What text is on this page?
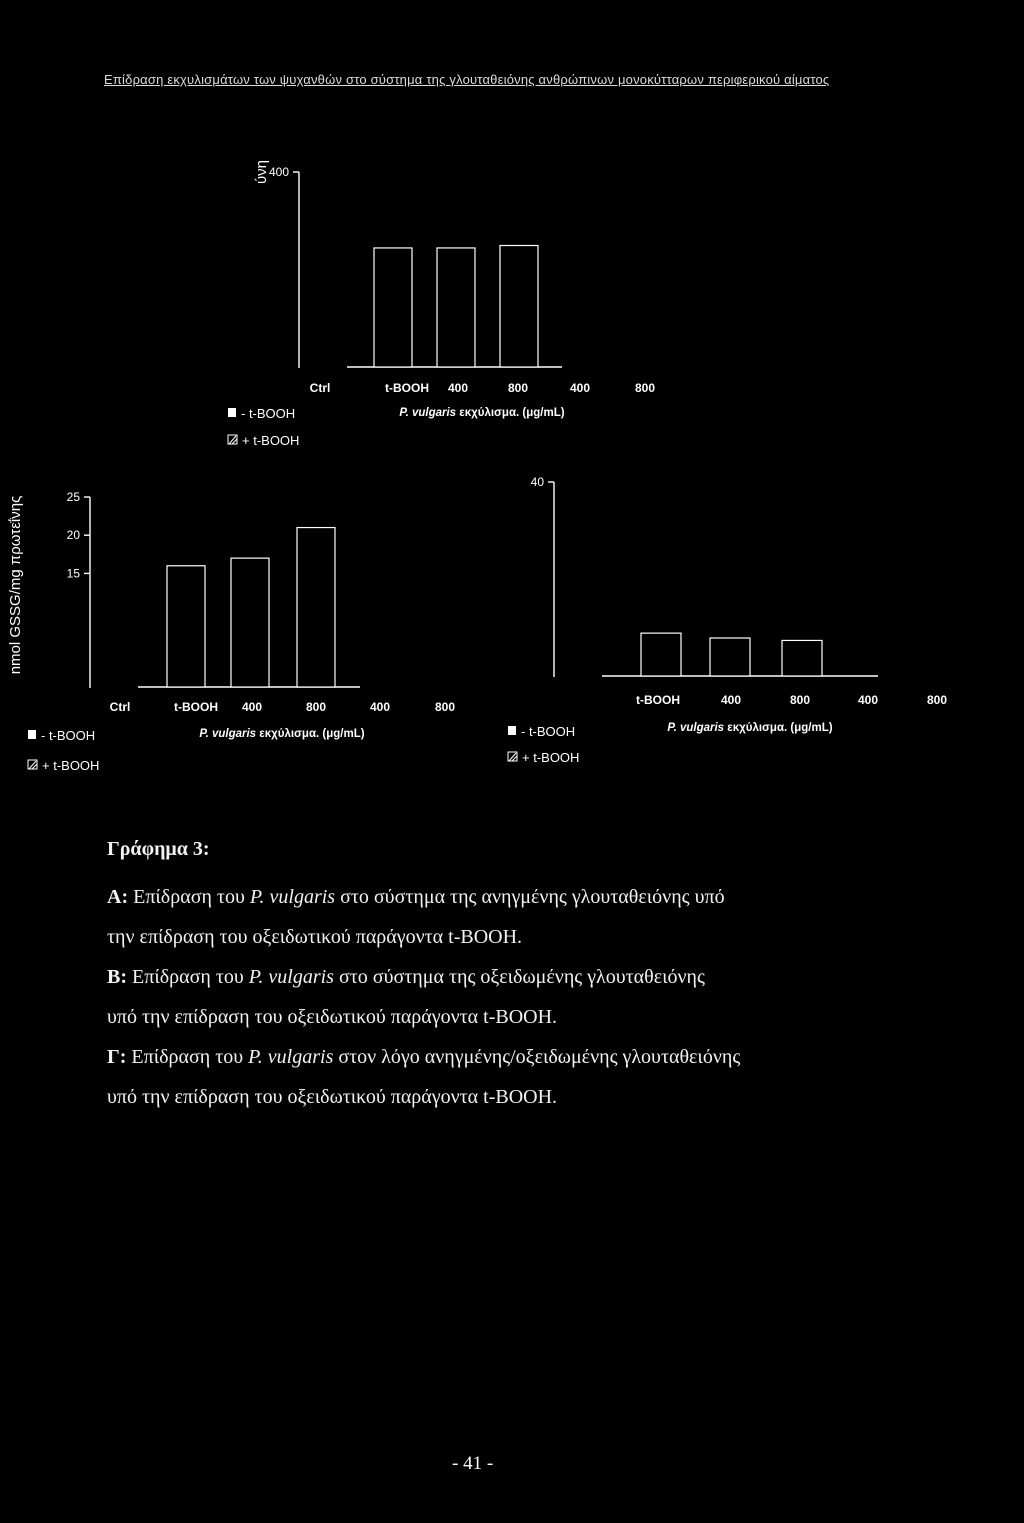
Επίδραση εκχυλισμάτων των ψυχανθών στο σύστημα της γλουταθειόνης ανθρώπινων μονοκύτταρων περιφερικού αίματος
400
Ctrl	t-BOOH 400	800	400	800
P. vulgaris εκχύλισμα. (μg/mL)
- t-BOOH
+ t-BOOH
ύνη
15
20
25
Ctrl	t-BOOH 400	800	400	800
P. vulgaris εκχύλισμα. (μg/mL)
- t-BOOH
+ t-BOOH
nmol GSSG/mg πρωτεΐνης
40
t-BOOH	400	800	400	800
P. vulgaris εκχύλισμα. (μg/mL)
- t-BOOH
+ t-BOOH
Γράφημα 3:
Α: Επίδραση του P. vulgaris στο σύστημα της ανηγμένης γλουταθειόνης υπό
την επίδραση του οξειδωτικού παράγοντα t-BOOH.
Β: Επίδραση του P. vulgaris στο σύστημα της οξειδωμένης γλουταθειόνης
υπό την επίδραση του οξειδωτικού παράγοντα t-BOOH.
Γ: Επίδραση του P. vulgaris στον λόγο ανηγμένης/οξειδωμένης γλουταθειόνης
υπό την επίδραση του οξειδωτικού παράγοντα t-BOOH.
- 41 -
